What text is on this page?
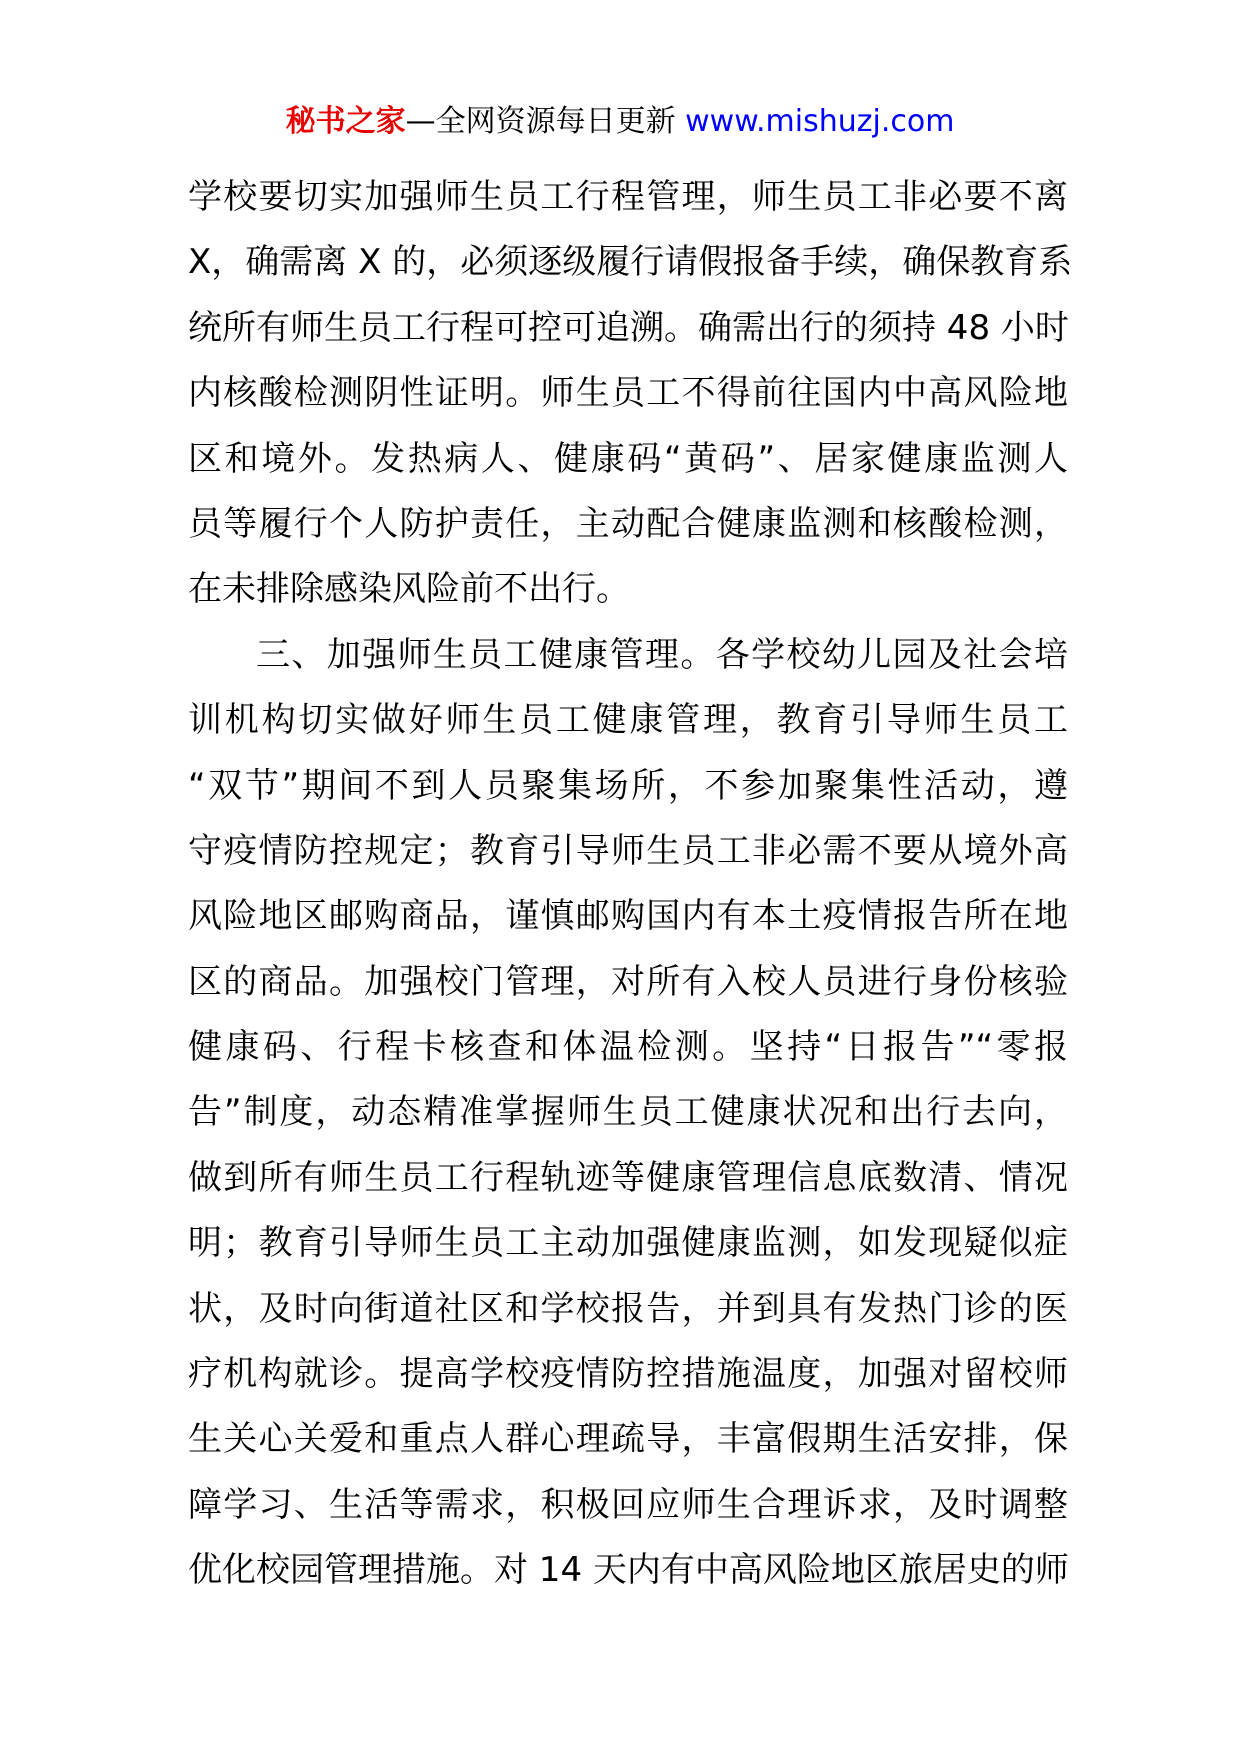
秘书之家—全网资源每日更新 www.mishuzj.com
学校要切实加强师生员工行程管理，师生员工非必要不离
X，确需离 X 的，必须逐级履行请假报备手续，确保教育系
统所有师生员工行程可控可追溯。确需出行的须持 48 小时
内核酸检测阴性证明。师生员工不得前往国内中高风险地
区和境外。发热病人、健康码“黄码”、居家健康监测人
员等履行个人防护责任，主动配合健康监测和核酸检测，
在未排除感染风险前不出行。
三、加强师生员工健康管理。各学校幼儿园及社会培
训机构切实做好师生员工健康管理，教育引导师生员工
“双节”期间不到人员聚集场所，不参加聚集性活动，遵
守疫情防控规定；教育引导师生员工非必需不要从境外高
风险地区邮购商品，谨慎邮购国内有本土疫情报告所在地
区的商品。加强校门管理，对所有入校人员进行身份核验
健康码、行程卡核查和体温检测。坚持“日报告”“零报
告”制度，动态精准掌握师生员工健康状况和出行去向，
做到所有师生员工行程轨迹等健康管理信息底数清、情况
明；教育引导师生员工主动加强健康监测，如发现疑似症
状，及时向街道社区和学校报告，并到具有发热门诊的医
疗机构就诊。提高学校疫情防控措施温度，加强对留校师
生关心关爱和重点人群心理疏导，丰富假期生活安排，保
障学习、生活等需求，积极回应师生合理诉求，及时调整
优化校园管理措施。对 14 天内有中高风险地区旅居史的师
